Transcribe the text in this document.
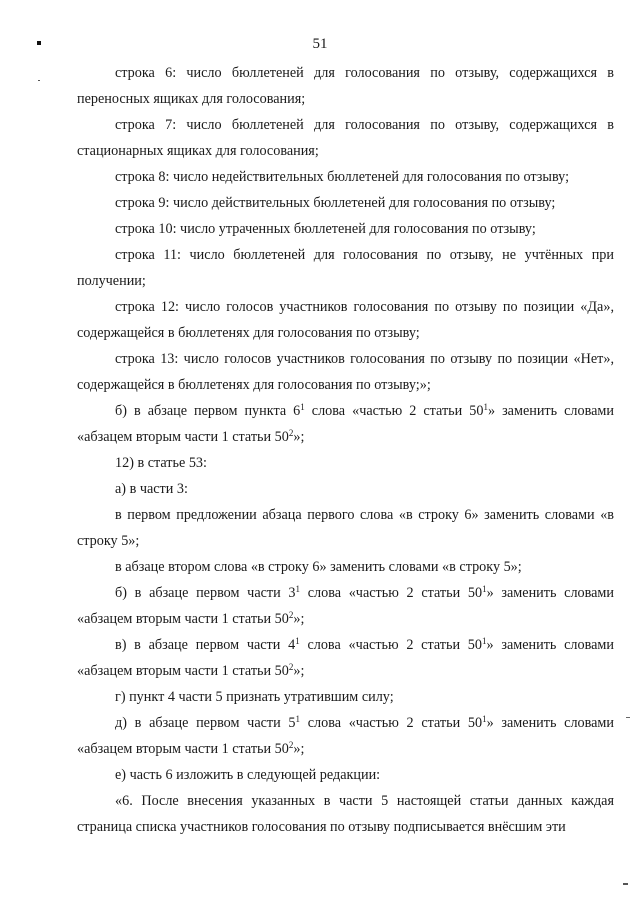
51

строка 6: число бюллетеней для голосования по отзыву, содержащихся в переносных ящиках для голосования;

строка 7: число бюллетеней для голосования по отзыву, содержащихся в стационарных ящиках для голосования;

строка 8: число недействительных бюллетеней для голосования по отзыву;

строка 9: число действительных бюллетеней для голосования по отзыву;

строка 10: число утраченных бюллетеней для голосования по отзыву;

строка 11: число бюллетеней для голосования по отзыву, не учтённых при получении;

строка 12: число голосов участников голосования по отзыву по позиции «Да», содержащейся в бюллетенях для голосования по отзыву;

строка 13: число голосов участников голосования по отзыву по позиции «Нет», содержащейся в бюллетенях для голосования по отзыву;»;

б) в абзаце первом пункта $6^1$ слова «частью 2 статьи $50^1$» заменить словами «абзацем вторым части 1 статьи $50^2$»;

12) в статье 53:

а) в части 3:

в первом предложении абзаца первого слова «в строку 6» заменить словами «в строку 5»;

в абзаце втором слова «в строку 6» заменить словами «в строку 5»;

б) в абзаце первом части $3^1$ слова «частью 2 статьи $50^1$» заменить словами «абзацем вторым части 1 статьи $50^2$»;

в) в абзаце первом части $4^1$ слова «частью 2 статьи $50^1$» заменить словами «абзацем вторым части 1 статьи $50^2$»;

г) пункт 4 части 5 признать утратившим силу;

д) в абзаце первом части $5^1$ слова «частью 2 статьи $50^1$» заменить словами «абзацем вторым части 1 статьи $50^2$»;

е) часть 6 изложить в следующей редакции:

«6. После внесения указанных в части 5 настоящей статьи данных каждая страница списка участников голосования по отзыву подписывается внёсшим эти
